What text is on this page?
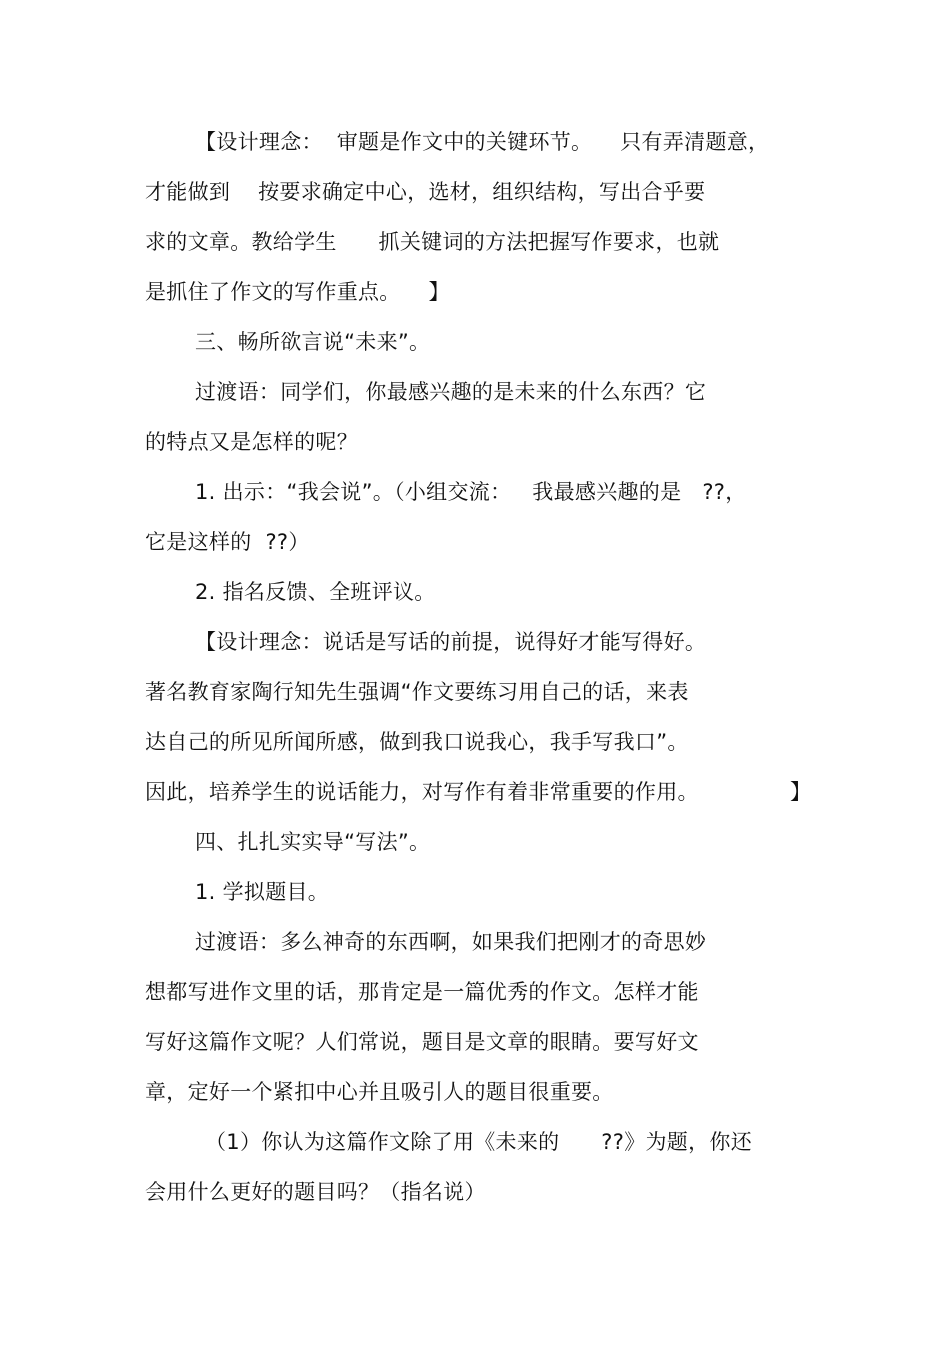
【设计理念：  审题是作文中的关键环节。    只有弄清题意，
才能做到    按要求确定中心，选材，组织结构，写出合乎要
求的文章。教给学生      抓关键词的方法把握写作要求，也就
是抓住了作文的写作重点。    】
三、畅所欲言说“未来”。
过渡语：同学们，你最感兴趣的是未来的什么东西？它
的特点又是怎样的呢？
1. 出示：“我会说”。（小组交流：   我最感兴趣的是   ??，
它是这样的  ??）
2. 指名反馈、全班评议。
【设计理念：说话是写话的前提，说得好才能写得好。
著名教育家陶行知先生强调“作文要练习用自己的话，来表
达自己的所见所闻所感，做到我口说我心，我手写我口”。
因此，培养学生的说话能力，对写作有着非常重要的作用。	】
四、扎扎实实导“写法”。
1. 学拟题目。
过渡语：多么神奇的东西啊，如果我们把刚才的奇思妙
想都写进作文里的话，那肯定是一篇优秀的作文。怎样才能
写好这篇作文呢？人们常说，题目是文章的眼睛。要写好文
章，定好一个紧扣中心并且吸引人的题目很重要。
（1）你认为这篇作文除了用《未来的      ??》为题，你还
会用什么更好的题目吗？（指名说）
